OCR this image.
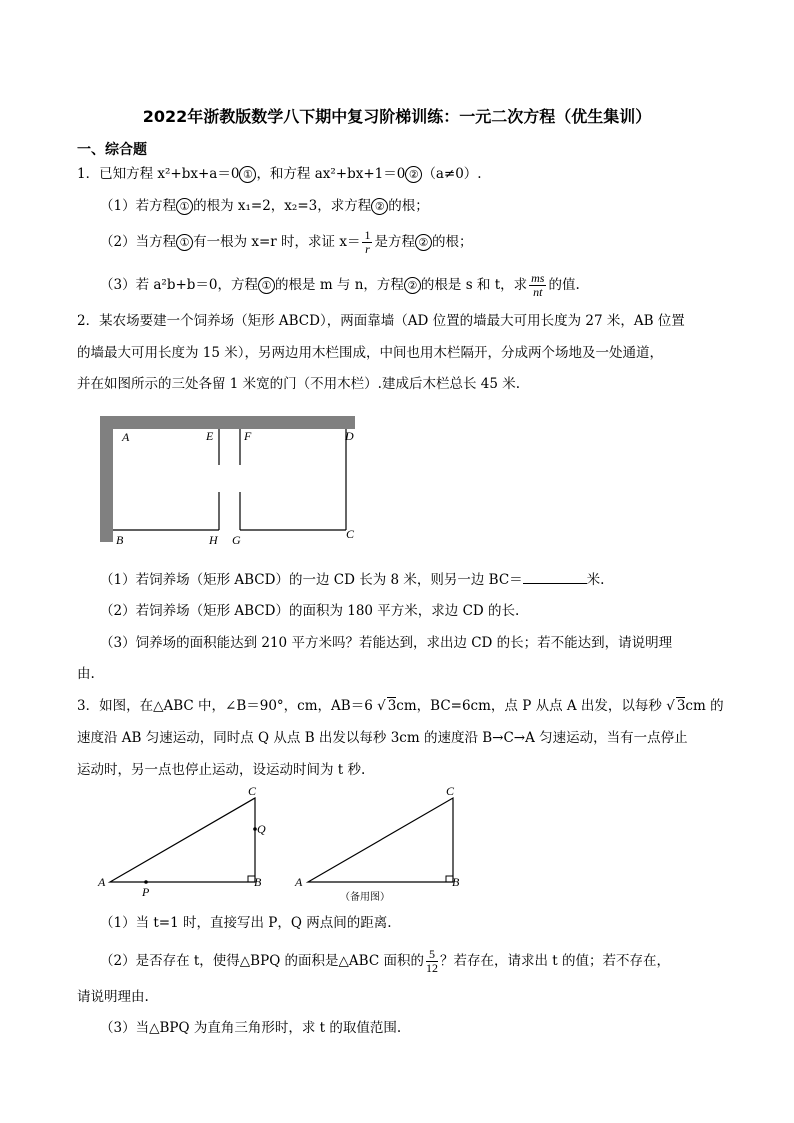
2022年浙教版数学八下期中复习阶梯训练：一元二次方程（优生集训）
一、综合题
1．已知方程 x²+bx+a＝0 ① ，和方程 ax²+bx+1＝0 ② （a≠0）.
（1）若方程 ① 的根为 x₁=2，x₂=3，求方程 ② 的根；
（2）当方程 ① 有一根为 x=r 时，求证 $x= \frac{1}{r}$ 是方程 ② 的根；
（3）若 a²b+b＝0，方程 ① 的根是 m 与 n，方程 ② 的根是 s 和 t，求 $\frac{ms}{nt}$ 的值.
2．某农场要建一个饲养场（矩形 ABCD），两面靠墙（AD 位置的墙最大可用长度为 27 米，AB 位置
的墙最大可用长度为 15 米），另两边用木栏围成，中间也用木栏隔开，分成两个场地及一处通道，
并在如图所示的三处各留 1 米宽的门（不用木栏）.建成后木栏总长 45 米.
A	E	F	D
B	H G	C
（1）若饲养场（矩形 ABCD）的一边 CD 长为 8 米，则另一边 BC＝	米.
（2）若饲养场（矩形 ABCD）的面积为 180 平方米，求边 CD 的长.
（3）饲养场的面积能达到 210 平方米吗？若能达到，求出边 CD 的长；若不能达到，请说明理
由.
3．如图，在△ABC 中，∠B＝90°，cm，AB＝6 √ 3cm，BC=6cm，点 P 从点 A 出发，以每秒 √ 3cm 的
速度沿 AB 匀速运动，同时点 Q 从点 B 出发以每秒 3cm 的速度沿 B→C→A 匀速运动，当有一点停止
运动时，另一点也停止运动，设运动时间为 t 秒.
A	B
C
P
Q
A	B
C
（备用图）
（1）当 t=1 时，直接写出 P，Q 两点间的距离.
（2）是否存在 t，使得△BPQ 的面积是△ABC 面积的 $\frac{5}{12}$ ？若存在，请求出 t 的值；若不存在，
请说明理由.
（3）当△BPQ 为直角三角形时，求 t 的取值范围.
